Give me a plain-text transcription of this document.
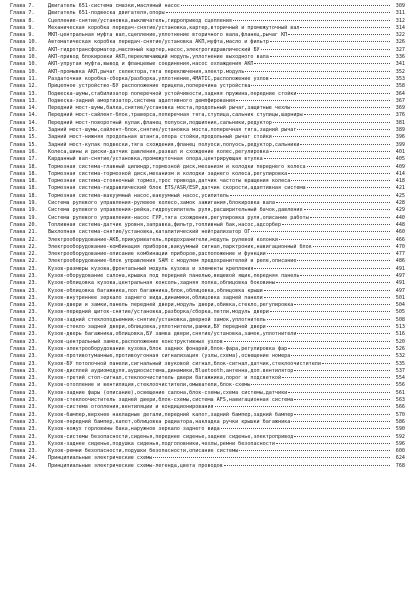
Глава 7.	Двигатель 651-система смазки,масляный насос	309
Глава 7.	Двигатель 651-подвеска двигателя,опоры	311
Глава 8.	Сцепление-снятие/установка,выключатель,гидропривод сцепления	312
Глава 9.	Механическая коробка передач-снятие/установка,картер,вторичный и промежуточный вал	314
Глава 9.	МКП-центральная муфта вал,сцепление,уплотнение вторичного вала,фланец,рычаг КП	322
Глава 10.	Автоматическая коробка передач-снятие/установка АКП,муфта,масло и фильтр	326
Глава 10.	АКП-гидротрансформатор,масляный картер,насос,электрогидравлический БУ	327
Глава 10.	АКП-привод блокировки АКП,переключающий модуль,уплотнение выходного вала	336
Глава 10.	АКП-упругая муфта,вывод и фланцевые соединения,насос охлаждения АКП	341
Глава 10.	АКП-промывка АКП,рычаг селектора,тяга переключения,электр.модуль	352
Глава 11.	Раздаточная коробка-сборка/разборка,уплотнение,4MATIC,расположение узлов	353
Глава 12.	Прицепное устройство-БУ расположение прицепа,поперечина устройства	358
Глава 13.	Подвеска-шумы,стабилизатор поперечной устойчивости,задняя пружина,передние стойки	364
Глава 13.	Подвеска-задний амортизатор,система адаптивного демпфирования	367
Глава 14.	Передний мост-шумы,балка,снятие/установка моста,продольный рычаг,защитные чехлы	369
Глава 14.	Передний мост-сайлент-блок,траверса,поперечная тяга,ступица,сальник ступицы,шарниры	376
Глава 14.	Передний мост-поворотный кулак,фланец полуоси,подшипник,сальники,редуктор	381
Глава 15.	Задний мост-шумы,сайлент-блок,снятие/установка моста,поперечная тяга,задний рычаг	389
Глава 15.	Задний мост-нижняя продольная штанга,опора стойки,продольный рычаг стойки	396
Глава 15.	Задний мост-кулак подвески,тяга схождения,фланец полуоси,полуось,редуктор,сальники	399
Глава 16.	Колеса,шины и диски-датчик давления,развал и схождение колес,регулировка	401
Глава 17.	Карданный вал-снятие/установка,промежуточная опора,центрирующая втулка	405
Глава 18.	Тормозная система-главный цилиндр,тормозной диск,механизм и колодки переднего колеса	409
Глава 18.	Тормозная система-тормозной диск,механизм и колодки заднего колеса,регулировка	414
Глава 18.	Тормозная система-стояночный тормоз,трос привода,датчик частоты вращения колеса	418
Глава 18.	Тормозная система-гидравлический блок ETS/ASR/ESP,датчик скорости,адаптивная система	421
Глава 18.	Тормозная система-вакуумный насос,вакуумный насос,усилитель	425
Глава 19.	Система рулевого управления-рулевое колесо,замок зажигания,блокировка вала	428
Глава 19.	Система рулевого управления-рейка,гидроусилитель руля,расширительный бачок,давление	429
Глава 19.	Система рулевого управления-насос ГУР,тяга схождения,регулировка руля,описание работы	440
Глава 20.	Топливная система-датчик уровня,заправка,фильтр,топливный бак,насос,адсорбер	448
Глава 21.	Выхлопная система-снятие/установка,каталитический нейтрализатор ОГ	460
Глава 22.	Электрооборудование-АКБ,прикуриватель,предохранители,модуль рулевой колонки	466
Глава 22.	Электрооборудование-комбинация приборов,вакуумный сигнал,парктроник,навигационный блок	470
Глава 22.	Электрооборудование-описание комбинации приборов,расположение и функции	477
Глава 22.	Электрооборудование-блок управления SAM с модулем предохранителей и реле,описание	486
Глава 23.	Кузов-размеры кузова,фронтальный модуль кузова и элементы крепления	491
Глава 23.	Кузов-оборудование салона,крышка под передней панелью,вещевой ящик,передняя панель	497
Глава 23.	Кузов-облицовка кузова,центральная консоль,задняя полка,облицовка боковины	491
Глава 23.	Кузов-облицовка багажника,пол багажника,блок,облицовка,облицовка крыши	497
Глава 23.	Кузов-внутреннее зеркало заднего вида,динамики,облицовка задней панели	501
Глава 23.	Кузов-двери и замки,панель передней двери,модуль двери,обивка,стекло,регулировка	504
Глава 23.	Кузов-передний щиток-снятие/установка,разборка/сборка,петли,модуль двери	505
Глава 23.	Кузов-задний стеклоподъемник-снятие/установка,дверной замок,уплотнитель	508
Глава 23.	Кузов-стекло задней двери,облицовка,уплотнители,рамки,БУ передней двери	513
Глава 23.	Кузов-дверь багажника,облицовка,БУ замка двери,снятие/установка,замок,уплотнители	516
Глава 23.	Кузов-центральный замок,расположение конструктивных узлов	520
Глава 23.	Кузов-электрооборудование кузова,блок задних фонарей,блок-фара,регулировка фар	526
Глава 23.	Кузов-противотуманные,противоугонная сигнализация (узлы,схема),освещение номера	532
Глава 23.	Кузов-БУ потолочной панели,сигнальный звуковой сигнал,блок-сигнал,датчик,стеклоочистители	535
Глава 23.	Кузов-дисплей аудиомодуля,аудиосистема,динамики,Bluetooth,антенна,доп.вентилятор	537
Глава 23.	Кузов-третий стоп-сигнал,стеклоочиститель двери багажника,порог и подсветкой	554
Глава 23.	Кузов-отопление и вентиляция,стеклоочистители,омыватели,блок-схемы	556
Глава 23.	Кузов-задние фары (описание),освещение салона,блок-схемы,схема системы,датчики	561
Глава 23.	Кузов-стеклоочиститель задней двери,блок-схемы,система AFS,навигационная система	563
Глава 23.	Кузов-система отопления,вентиляции и кондиционирования	566
Глава 23.	Кузов-бампер,верхнее накладные детали,передний капот,задний бампер,задний бампер	570
Глава 23.	Кузов-передний бампер,капот,облицовка радиатора,накладка ручки крышки багажника	586
Глава 23.	Кузов-кожух горловины бака,наружное зеркало заднего вида	590
Глава 23.	Кузов-системы безопасности,сиденья,переднее сиденье,заднее сиденье,электропривод	592
Глава 23.	Кузов-заднее сиденье,подушка сиденья,подголовники,чехлы,ремни безопасности	596
Глава 23.	Кузов-ремни безопасности,подушки безопасности,описание системы	600
Глава 24.	Принципиальные электрические схемы	624
Глава 24.	Принципиальные электрические схемы-легенда,цвета проводов	768
